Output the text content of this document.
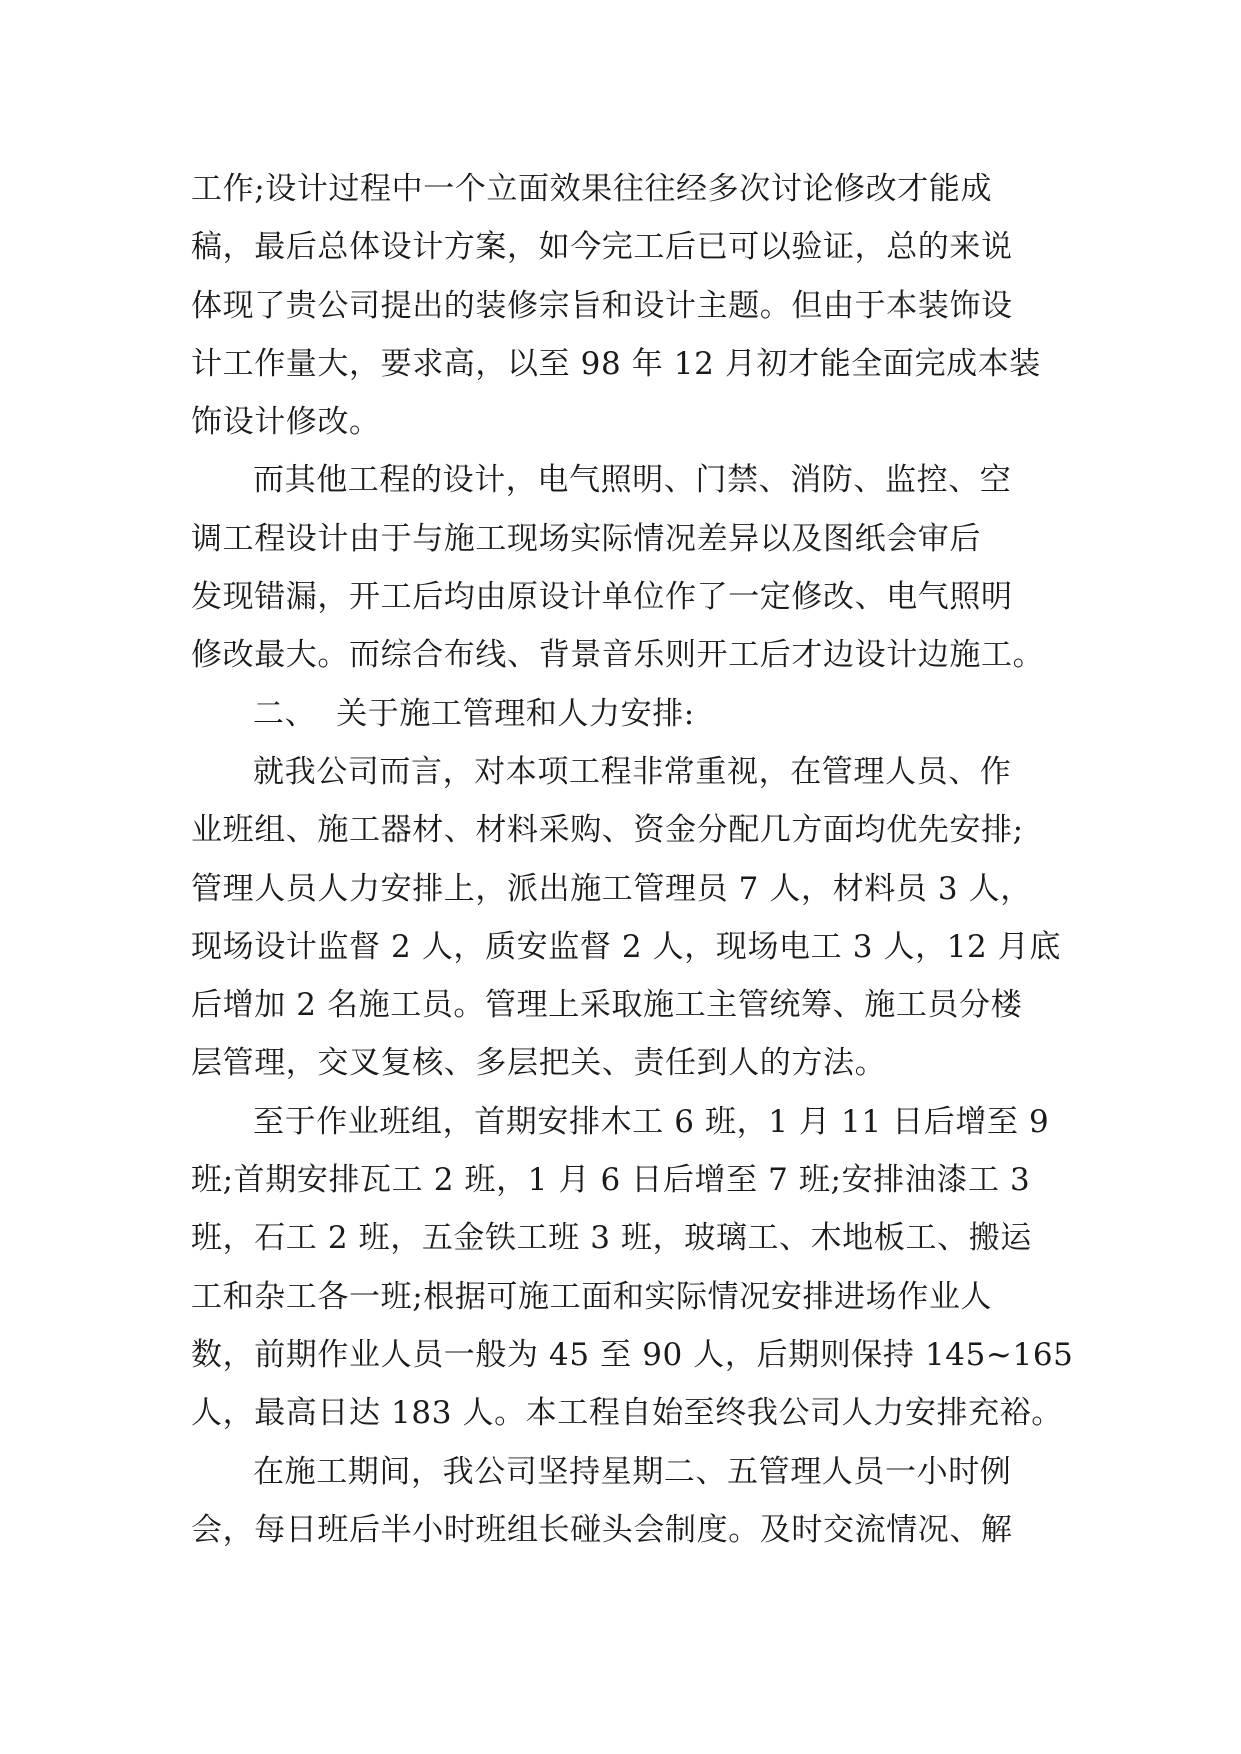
工作;设计过程中一个立面效果往往经多次讨论修改才能成
稿，最后总体设计方案，如今完工后已可以验证，总的来说
体现了贵公司提出的装修宗旨和设计主题。但由于本装饰设
计工作量大，要求高，以至 98 年 12 月初才能全面完成本装
饰设计修改。
而其他工程的设计，电气照明、门禁、消防、监控、空
调工程设计由于与施工现场实际情况差异以及图纸会审后
发现错漏，开工后均由原设计单位作了一定修改、电气照明
修改最大。而综合布线、背景音乐则开工后才边设计边施工。
二、 关于施工管理和人力安排:
就我公司而言，对本项工程非常重视，在管理人员、作
业班组、施工器材、材料采购、资金分配几方面均优先安排;
管理人员人力安排上，派出施工管理员 7 人，材料员 3 人，
现场设计监督 2 人，质安监督 2 人，现场电工 3 人，12 月底
后增加 2 名施工员。管理上采取施工主管统筹、施工员分楼
层管理，交叉复核、多层把关、责任到人的方法。
至于作业班组，首期安排木工 6 班，1 月 11 日后增至 9
班;首期安排瓦工 2 班，1 月 6 日后增至 7 班;安排油漆工 3
班，石工 2 班，五金铁工班 3 班，玻璃工、木地板工、搬运
工和杂工各一班;根据可施工面和实际情况安排进场作业人
数，前期作业人员一般为 45 至 90 人，后期则保持 145~165
人，最高日达 183 人。本工程自始至终我公司人力安排充裕。
在施工期间，我公司坚持星期二、五管理人员一小时例
会，每日班后半小时班组长碰头会制度。及时交流情况、解
